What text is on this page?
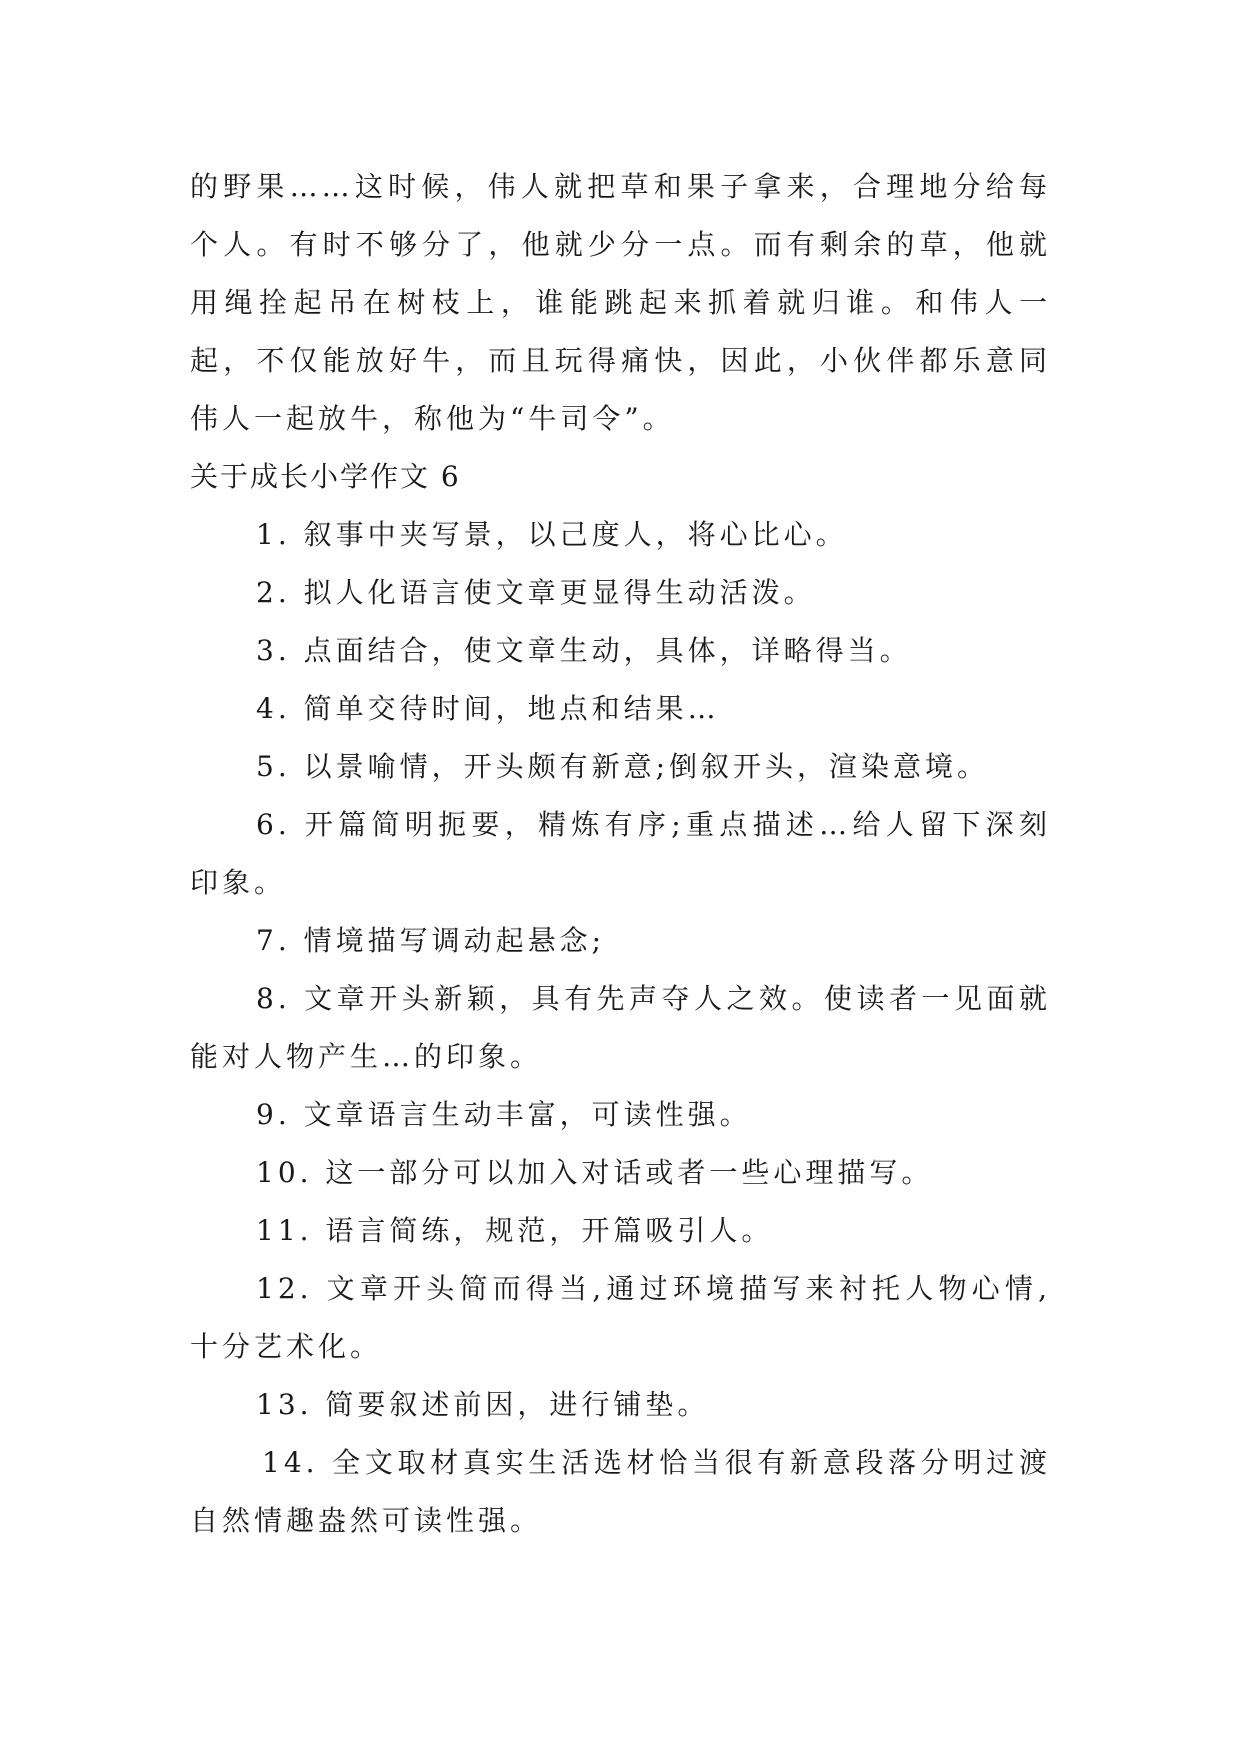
的野果……这时候，伟人就把草和果子拿来，合理地分给每个人。有时不够分了，他就少分一点。而有剩余的草，他就用绳拴起吊在树枝上，谁能跳起来抓着就归谁。和伟人一起，不仅能放好牛，而且玩得痛快，因此，小伙伴都乐意同伟人一起放牛，称他为“牛司令”。

关于成长小学作文 6

1. 叙事中夹写景，以己度人，将心比心。

2. 拟人化语言使文章更显得生动活泼。

3. 点面结合，使文章生动，具体，详略得当。

4. 简单交待时间，地点和结果…

5. 以景喻情，开头颇有新意;倒叙开头，渲染意境。

6. 开篇简明扼要，精炼有序;重点描述…给人留下深刻印象。

7. 情境描写调动起悬念;

8. 文章开头新颖，具有先声夺人之效。使读者一见面就能对人物产生…的印象。

9. 文章语言生动丰富，可读性强。

10. 这一部分可以加入对话或者一些心理描写。

11. 语言简练，规范，开篇吸引人。

12. 文章开头简而得当,通过环境描写来衬托人物心情,十分艺术化。

13. 简要叙述前因，进行铺垫。

14. 全文取材真实生活选材恰当很有新意段落分明过渡自然情趣盎然可读性强。
